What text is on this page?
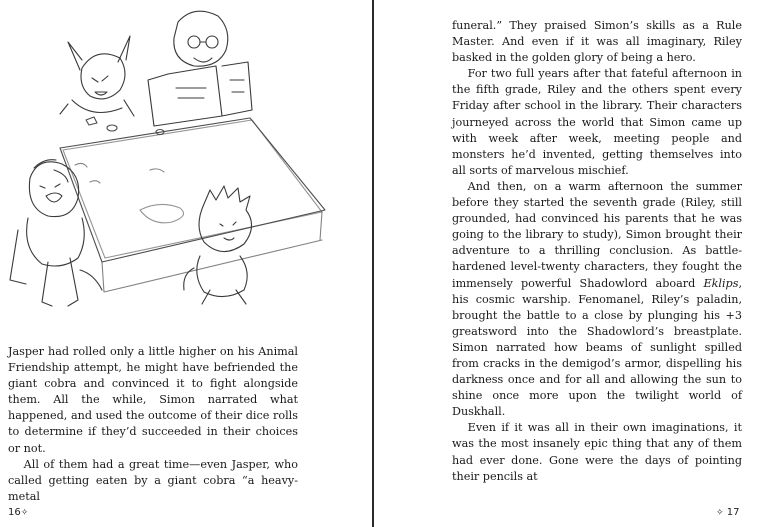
Jasper had rolled only a little higher on his Animal Friendship attempt, he might have befriended the giant cobra and convinced it to fight alongside them. All the while, Simon narrated what happened, and used the outcome of their dice rolls to determine if they’d succeeded in their choices or not.

All of them had a great time—even Jasper, who called getting eaten by a giant cobra “a heavy-metal

16✧

funeral.” They praised Simon’s skills as a Rule Master. And even if it was all imaginary, Riley basked in the golden glory of being a hero.

For two full years after that fateful afternoon in the fifth grade, Riley and the others spent every Friday after school in the library. Their characters journeyed across the world that Simon came up with week after week, meeting people and monsters he’d invented, getting themselves into all sorts of marvelous mischief.

And then, on a warm afternoon the summer before they started the seventh grade (Riley, still grounded, had convinced his parents that he was going to the library to study), Simon brought their adventure to a thrilling conclusion. As battle-hardened level-twenty characters, they fought the immensely powerful Shadowlord aboard Eklips, his cosmic warship. Fenomanel, Riley’s paladin, brought the battle to a close by plunging his +3 greatsword into the Shadowlord’s breastplate. Simon narrated how beams of sunlight spilled from cracks in the demigod’s armor, dispelling his darkness once and for all and allowing the sun to shine once more upon the twilight world of Duskhall.

Even if it was all in their own imaginations, it was the most insanely epic thing that any of them had ever done. Gone were the days of pointing their pencils at

✧ 17
